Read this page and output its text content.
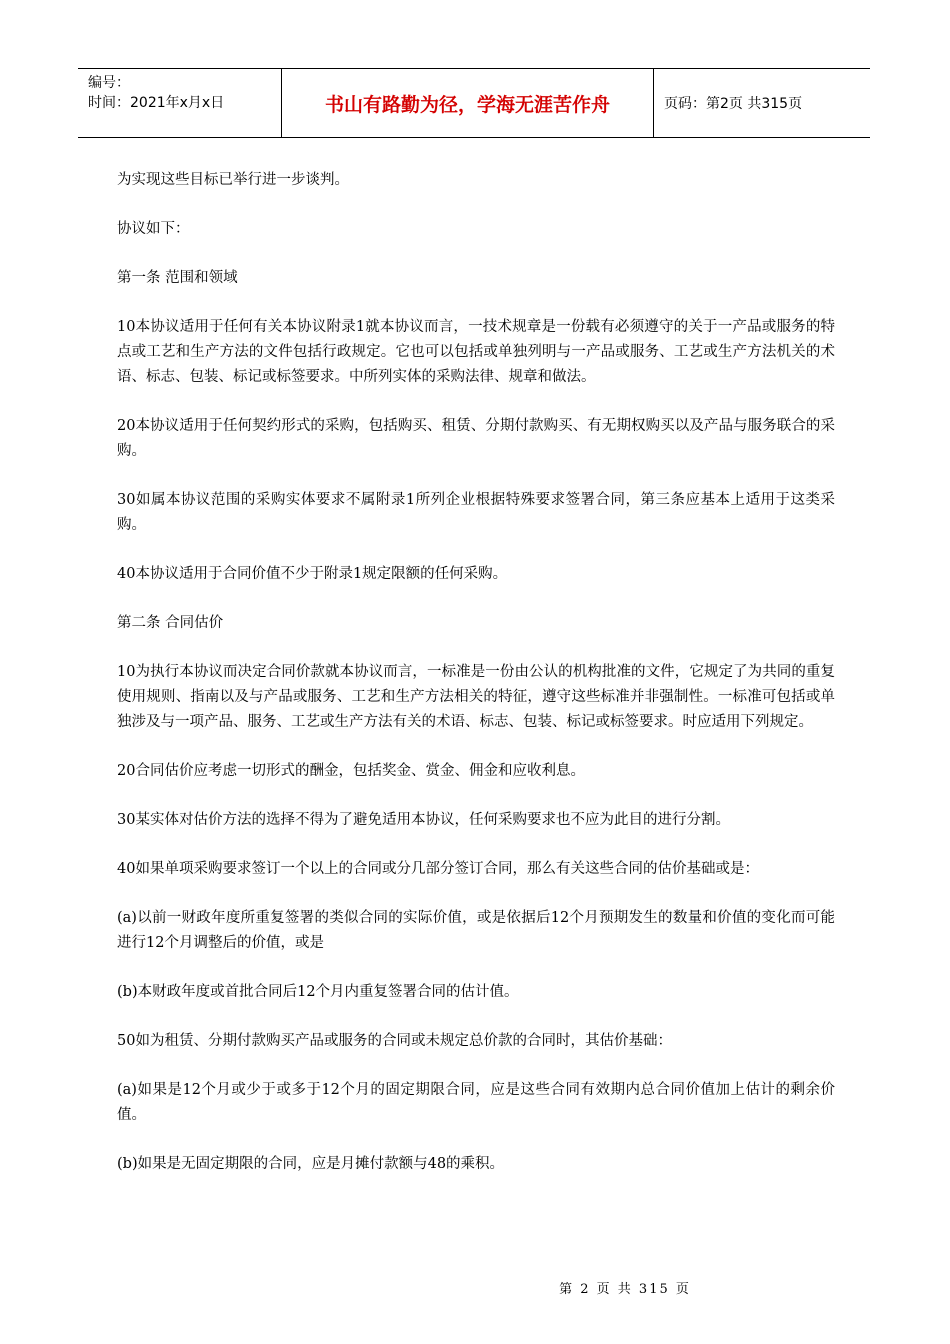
编号：
时间：2021年x月x日	书山有路勤为径，学海无涯苦作舟	页码：第2页 共315页

为实现这些目标已举行进一步谈判。

协议如下：

第一条 范围和领域

10本协议适用于任何有关本协议附录1就本协议而言，一技术规章是一份载有必须遵守的关于一产品或服务的特点或工艺和生产方法的文件包括行政规定。它也可以包括或单独列明与一产品或服务、工艺或生产方法机关的术语、标志、包装、标记或标签要求。中所列实体的采购法律、规章和做法。

20本协议适用于任何契约形式的采购，包括购买、租赁、分期付款购买、有无期权购买以及产品与服务联合的采购。

30如属本协议范围的采购实体要求不属附录1所列企业根据特殊要求签署合同，第三条应基本上适用于这类采购。

40本协议适用于合同价值不少于附录1规定限额的任何采购。

第二条 合同估价

10为执行本协议而决定合同价款就本协议而言，一标准是一份由公认的机构批准的文件，它规定了为共同的重复使用规则、指南以及与产品或服务、工艺和生产方法相关的特征，遵守这些标准并非强制性。一标准可包括或单独涉及与一项产品、服务、工艺或生产方法有关的术语、标志、包装、标记或标签要求。时应适用下列规定。

20合同估价应考虑一切形式的酬金，包括奖金、赏金、佣金和应收利息。

30某实体对估价方法的选择不得为了避免适用本协议，任何采购要求也不应为此目的进行分割。

40如果单项采购要求签订一个以上的合同或分几部分签订合同，那么有关这些合同的估价基础或是：

(a)以前一财政年度所重复签署的类似合同的实际价值，或是依据后12个月预期发生的数量和价值的变化而可能进行12个月调整后的价值，或是

(b)本财政年度或首批合同后12个月内重复签署合同的估计值。

50如为租赁、分期付款购买产品或服务的合同或未规定总价款的合同时，其估价基础：

(a)如果是12个月或少于或多于12个月的固定期限合同，应是这些合同有效期内总合同价值加上估计的剩余价值。

(b)如果是无固定期限的合同，应是月摊付款额与48的乘积。

第 2 页 共 315 页
